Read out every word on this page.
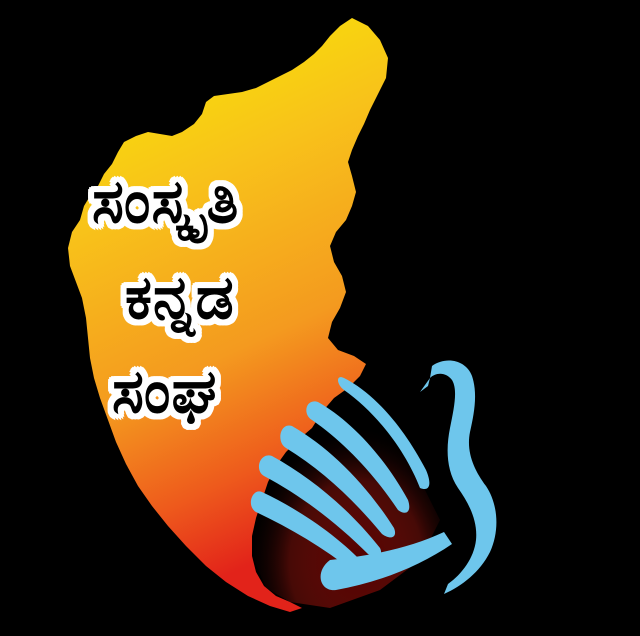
ಸಂಸ್ಕೃತಿ
ಕನ್ನಡ
ಸಂಘ
